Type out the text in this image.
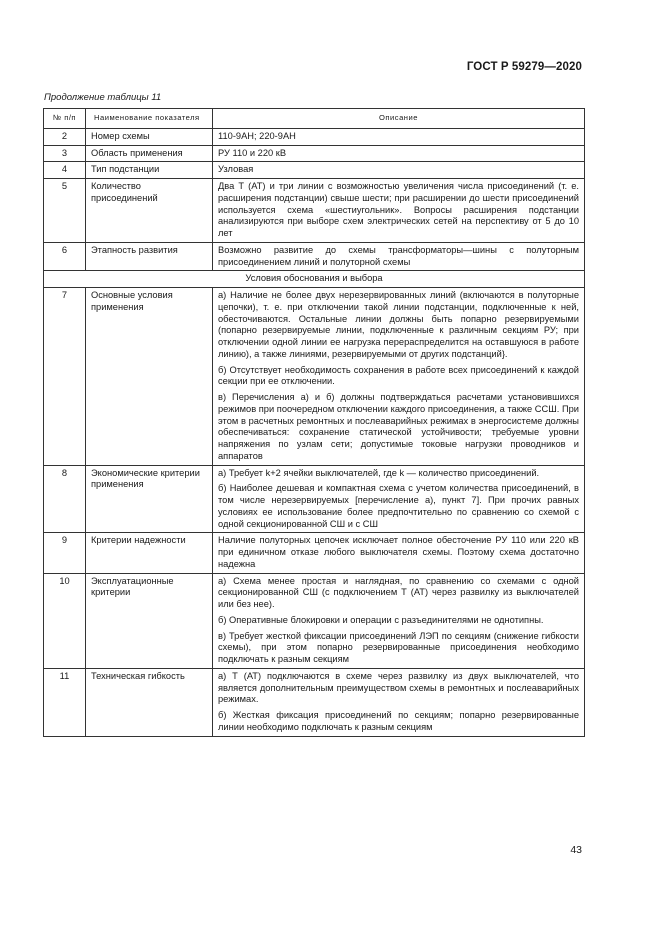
ГОСТ Р 59279—2020
Продолжение таблицы 11
№ п/п	Наименование показателя	Описание
2	Номер схемы	110-9АН; 220-9АН

3	Область применения	РУ 110 и 220 кВ

4	Тип подстанции	Узловая

5	Количество присоединений	Два Т (АТ) и три линии с возможностью увеличения числа присоединений (т. е. расширения подстанции) свыше шести; при расширении до шести присоединений используется схема «шестиугольник». Вопросы расширения подстанции анализируются при выборе схем электрических сетей на перспективу от 5 до 10 лет

6	Этапность развития	Возможно развитие до схемы трансформаторы—шины с полуторным присоединением линий и полуторной схемы

Условия обоснования и выбора		
7	Основные условия применения	а) Наличие не более двух нерезервированных линий (включаются в полуторные цепочки), т. е. при отключении такой линии подстанции, подключенные к ней, обесточиваются. Остальные линии должны быть попарно резервируемыми (попарно резервируемые линии, подключенные к различным секциям РУ; при отключении одной линии ее нагрузка перераспределится на оставшуюся в работе линию), а также линиями, резервируемыми от других подстанций}.
б) Отсутствует необходимость сохранения в работе всех присоединений к каждой секции при ее отключении.
в) Перечисления а) и б) должны подтверждаться расчетами установившихся режимов при поочередном отключении каждого присоединения, а также ССШ. При этом в расчетных ремонтных и послеаварийных режимах в энергосистеме должны обеспечиваться: сохранение статической устойчивости; требуемые уровни напряжения по узлам сети; допустимые токовые нагрузки проводников и аппаратов

8	Экономические критерии применения	а) Требует k+2 ячейки выключателей, где k — количество присоединений.
б) Наиболее дешевая и компактная схема с учетом количества присоединений, в том числе нерезервируемых [перечисление а), пункт 7]. При прочих равных условиях ее использование более предпочтительно по сравнению со схемой с одной секционированной СШ и с СШ

9	Критерии надежности	Наличие полуторных цепочек исключает полное обесточение РУ 110 или 220 кВ при единичном отказе любого выключателя схемы. Поэтому схема достаточно надежна

10	Эксплуатационные критерии	а) Схема менее простая и наглядная, по сравнению со схемами с одной секционированной СШ (с подключением Т (АТ) через развилку из выключателей или без нее).
б) Оперативные блокировки и операции с разъединителями не однотипны.
в) Требует жесткой фиксации присоединений ЛЭП по секциям (снижение гибкости схемы), при этом попарно резервированные присоединения необходимо подключать к разным секциям

11	Техническая гибкость	а) Т (АТ) подключаются в схеме через развилку из двух выключателей, что является дополнительным преимуществом схемы в ремонтных и послеаварийных режимах.
б) Жесткая фиксация присоединений по секциям; попарно резервированные линии необходимо подключать к разным секциям
43
